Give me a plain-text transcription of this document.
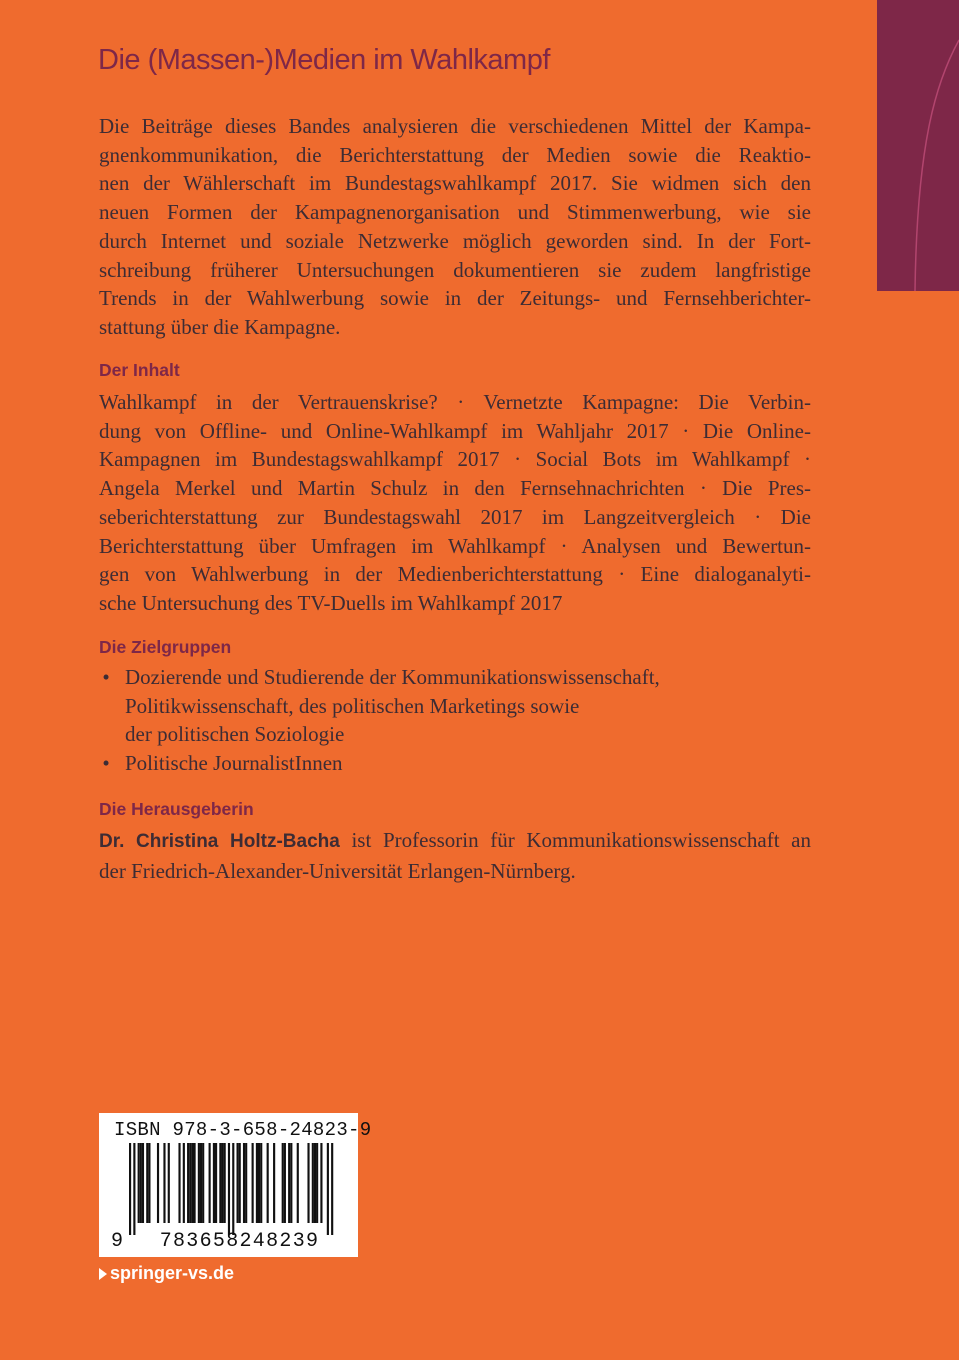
Die (Massen-)Medien im Wahlkampf
Die Beiträge dieses Bandes analysieren die verschiedenen Mittel der Kampa-
gnenkommunikation, die Berichterstattung der Medien sowie die Reaktio-
nen der Wählerschaft im Bundestagswahlkampf 2017. Sie widmen sich den
neuen Formen der Kampagnenorganisation und Stimmenwerbung, wie sie
durch Internet und soziale Netzwerke möglich geworden sind. In der Fort-
schreibung früherer Untersuchungen dokumentieren sie zudem langfristige
Trends in der Wahlwerbung sowie in der Zeitungs- und Fernsehberichter-
stattung über die Kampagne.
Der Inhalt
Wahlkampf in der Vertrauenskrise? · Vernetzte Kampagne: Die Verbin-
dung von Offline- und Online-Wahlkampf im Wahljahr 2017 · Die Online-
Kampagnen im Bundestagswahlkampf 2017 · Social Bots im Wahlkampf ·
Angela Merkel und Martin Schulz in den Fernsehnachrichten · Die Pres-
seberichterstattung zur Bundestagswahl 2017 im Langzeitvergleich · Die
Berichterstattung über Umfragen im Wahlkampf · Analysen und Bewertun-
gen von Wahlwerbung in der Medienberichterstattung · Eine dialoganalyti-
sche Untersuchung des TV-Duells im Wahlkampf 2017
Die Zielgruppen
• Dozierende und Studierende der Kommunikationswissenschaft,
Politikwissenschaft, des politischen Marketings sowie
der politischen Soziologie
• Politische JournalistInnen
Die Herausgeberin
Dr. Christina Holtz-Bacha ist Professorin für Kommunikationswissenschaft an
der Friedrich-Alexander-Universität Erlangen-Nürnberg.
ISBN 978-3-658-24823-9
9	783658248239
springer-vs.de
